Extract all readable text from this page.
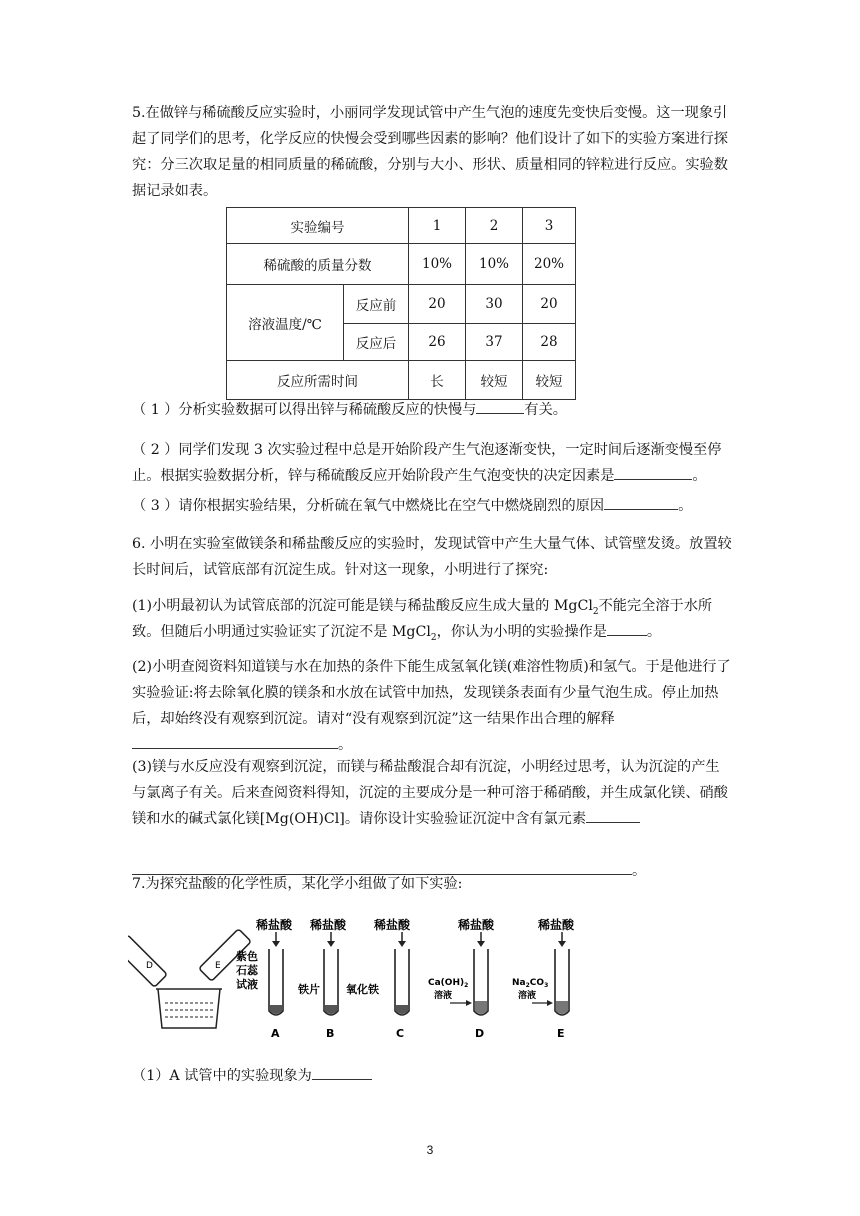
5.在做锌与稀硫酸反应实验时，小丽同学发现试管中产生气泡的速度先变快后变慢。这一现象引起了同学们的思考，化学反应的快慢会受到哪些因素的影响？他们设计了如下的实验方案进行探究：分三次取足量的相同质量的稀硫酸，分别与大小、形状、质量相同的锌粒进行反应。实验数据记录如表。

实验编号		1	2	3
稀硫酸的质量分数		10%	10%	20%
溶液温度/℃	反应前	20	30	20
	反应后	26	37	28
反应所需时间		长	较短	较短

（ 1 ）分析实验数据可以得出锌与稀硫酸反应的快慢与	有关。

（ 2 ）同学们发现 3 次实验过程中总是开始阶段产生气泡逐渐变快，一定时间后逐渐变慢至停止。根据实验数据分析，锌与稀硫酸反应开始阶段产生气泡变快的决定因素是	。

（ 3 ）请你根据实验结果，分析硫在氧气中燃烧比在空气中燃烧剧烈的原因	。

6. 小明在实验室做镁条和稀盐酸反应的实验时，发现试管中产生大量气体、试管壁发烫。放置较长时间后，试管底部有沉淀生成。针对这一现象，小明进行了探究:

(1)小明最初认为试管底部的沉淀可能是镁与稀盐酸反应生成大量的 MgCl$_2$不能完全溶于水所致。但随后小明通过实验证实了沉淀不是 MgCl$_2$，你认为小明的实验操作是	。

(2)小明查阅资料知道镁与水在加热的条件下能生成氢氧化镁(难溶性物质)和氢气。于是他进行了实验验证:将去除氧化膜的镁条和水放在试管中加热，发现镁条表面有少量气泡生成。停止加热后，却始终没有观察到沉淀。请对“没有观察到沉淀”这一结果作出合理的解释
。

(3)镁与水反应没有观察到沉淀，而镁与稀盐酸混合却有沉淀，小明经过思考，认为沉淀的产生与氯离子有关。后来查阅资料得知，沉淀的主要成分是一种可溶于稀硝酸，并生成氯化镁、硝酸镁和水的碱式氯化镁[Mg(OH)Cl]。请你设计实验验证沉淀中含有氯元素

。

7.为探究盐酸的化学性质，某化学小组做了如下实验:

D	E
稀盐酸
紫色
石蕊
试液
A
稀盐酸
铁片
B
稀盐酸
氧化铁
C
稀盐酸
$Ca(OH)_2$
溶液
D
稀盐酸
$Na_2CO_3$
溶液
E

（1）A 试管中的实验现象为

3
